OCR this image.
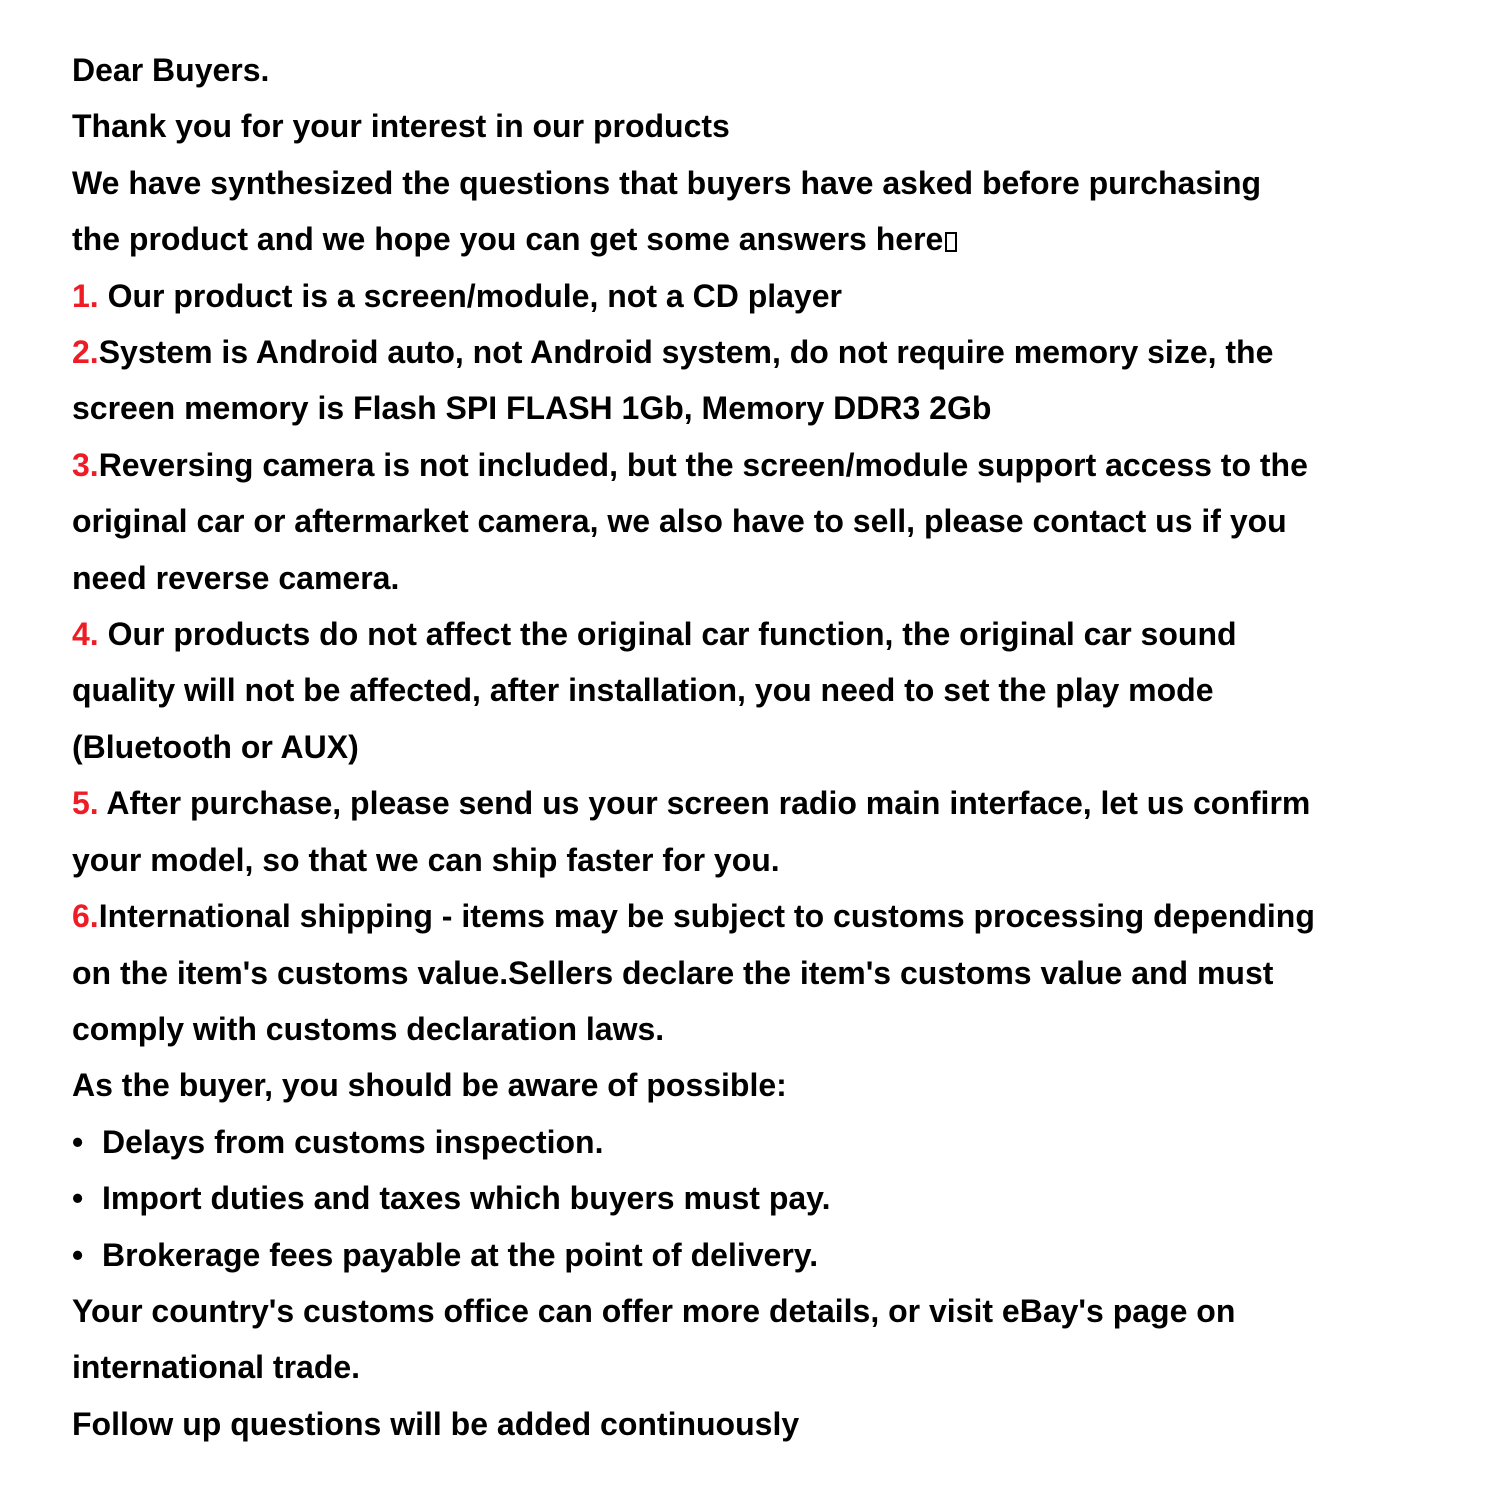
Dear Buyers.

Thank you for your interest in our products

We have synthesized the questions that buyers have asked before purchasing

the product and we hope you can get some answers here

1. Our product is a screen/module, not a CD player

2.System is Android auto, not Android system, do not require memory size, the

screen memory is Flash SPI FLASH 1Gb, Memory DDR3 2Gb

3.Reversing camera is not included, but the screen/module support access to the

original car or aftermarket camera, we also have to sell, please contact us if you

need reverse camera.

4. Our products do not affect the original car function, the original car sound

quality will not be affected, after installation, you need to set the play mode

(Bluetooth or AUX)

5. After purchase, please send us your screen radio main interface, let us confirm

your model, so that we can ship faster for you.

6.International shipping - items may be subject to customs processing depending

on the item's customs value.Sellers declare the item's customs value and must

comply with customs declaration laws.

As the buyer, you should be aware of possible:

• Delays from customs inspection.

• Import duties and taxes which buyers must pay.

• Brokerage fees payable at the point of delivery.

Your country's customs office can offer more details, or visit eBay's page on

international trade.

Follow up questions will be added continuously
